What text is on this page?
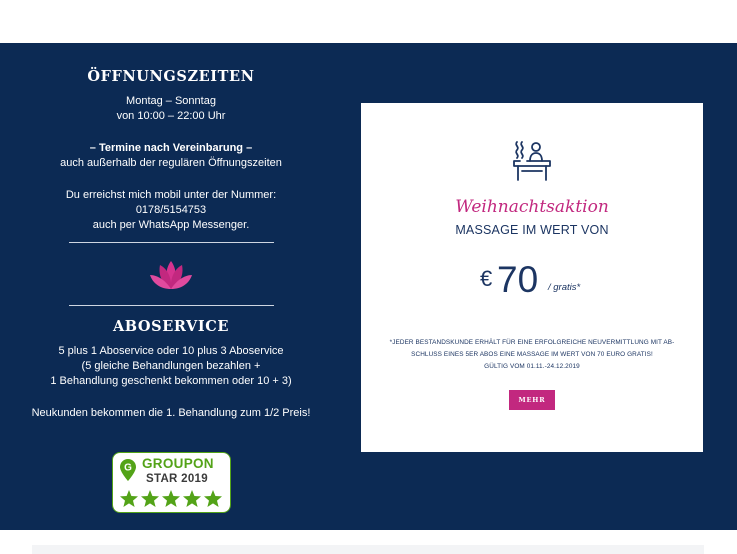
ÖFFNUNGSZEITEN
Montag – Sonntag
von 10:00 – 22:00 Uhr
– Termine nach Vereinbarung –
auch außerhalb der regulären Öffnungszeiten
Du erreichst mich mobil unter der Nummer:
0178/5154753
auch per WhatsApp Messenger.
ABOSERVICE
5 plus 1 Aboservice oder 10 plus 3 Aboservice
(5 gleiche Behandlungen bezahlen +
1 Behandlung geschenkt bekommen oder 10 + 3)
Neukunden bekommen die 1. Behandlung zum 1/2 Preis!
G GROUPON
STAR 2019
Weihnachtsaktion
MASSAGE IM WERT VON
€ 70 / gratis*
*JEDER BESTANDSKUNDE ERHÄLT FÜR EINE ERFOLGREICHE NEUVERMITTLUNG MIT AB-
SCHLUSS EINES 5ER ABOS EINE MASSAGE IM WERT VON 70 EURO GRATIS!
GÜLTIG VOM 01.11.-24.12.2019
MEHR
